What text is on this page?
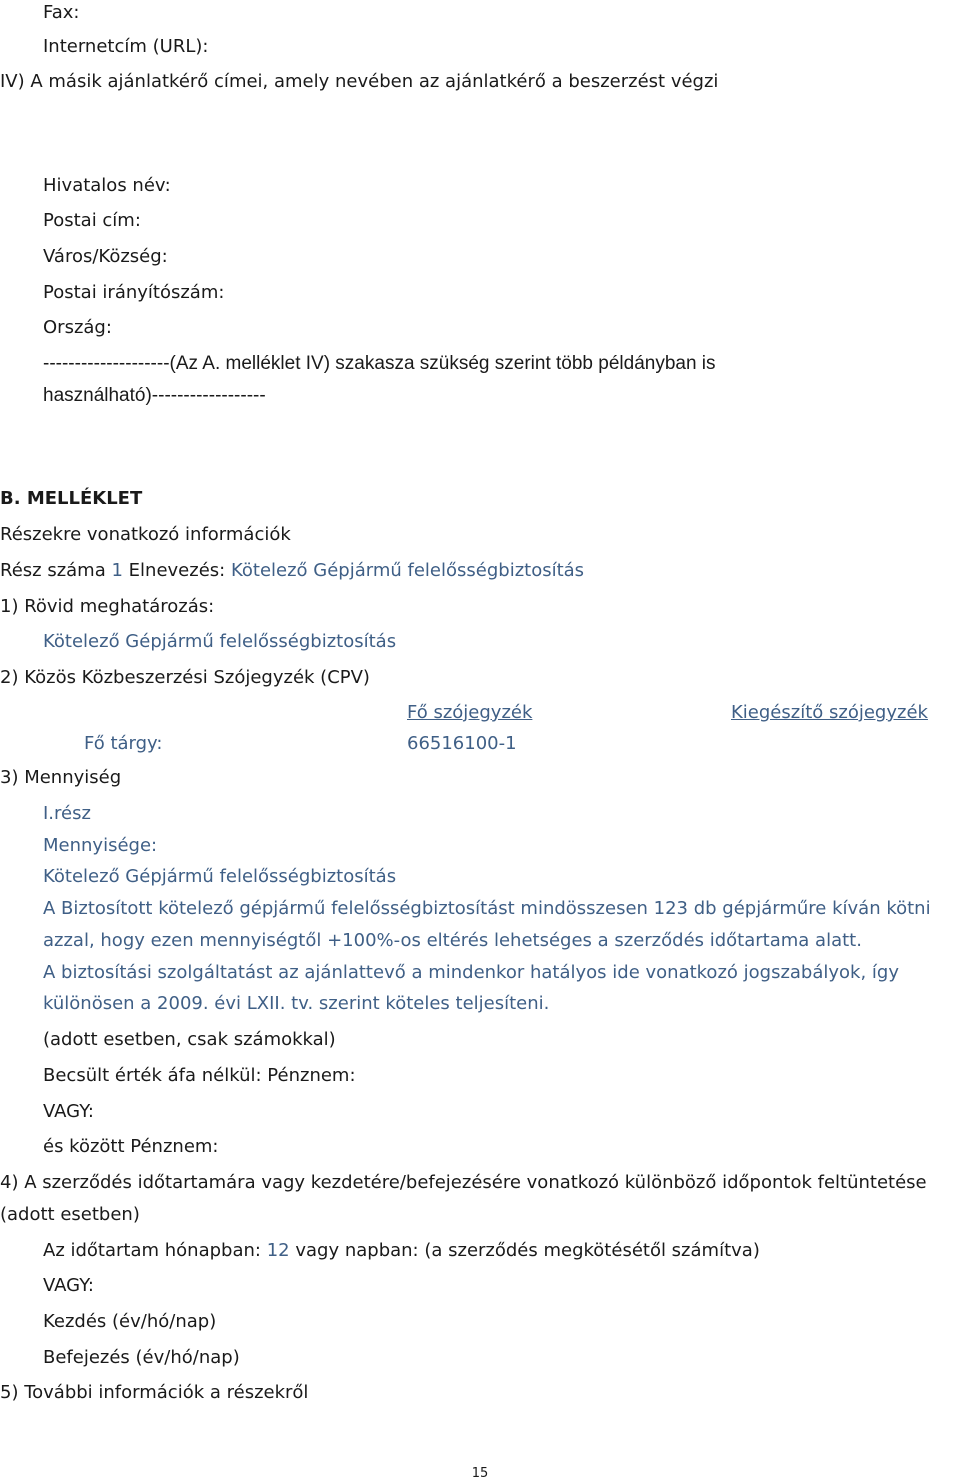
Fax:
Internetcím (URL):
IV) A másik ajánlatkérő címei, amely nevében az ajánlatkérő a beszerzést végzi
Hivatalos név:
Postai cím:
Város/Község:
Postai irányítószám:
Ország:
--------------------(Az A. melléklet IV) szakasza szükség szerint több példányban is
használható)------------------
B. MELLÉKLET
Részekre vonatkozó információk
Rész száma 1 Elnevezés: Kötelező Gépjármű felelősségbiztosítás
1) Rövid meghatározás:
Kötelező Gépjármű felelősségbiztosítás
2) Közös Közbeszerzési Szójegyzék (CPV)
Fő szójegyzék	Kiegészítő szójegyzék
Fő tárgy:	66516100-1
3) Mennyiség
I.rész
Mennyisége:
Kötelező Gépjármű felelősségbiztosítás
A Biztosított kötelező gépjármű felelősségbiztosítást mindösszesen 123 db gépjárműre kíván kötni
azzal, hogy ezen mennyiségtől +100%-os eltérés lehetséges a szerződés időtartama alatt.
A biztosítási szolgáltatást az ajánlattevő a mindenkor hatályos ide vonatkozó jogszabályok, így
különösen a 2009. évi LXII. tv. szerint köteles teljesíteni.
(adott esetben, csak számokkal)
Becsült érték áfa nélkül: Pénznem:
VAGY:
és között Pénznem:
4) A szerződés időtartamára vagy kezdetére/befejezésére vonatkozó különböző időpontok feltüntetése
(adott esetben)
Az időtartam hónapban: 12 vagy napban: (a szerződés megkötésétől számítva)
VAGY:
Kezdés (év/hó/nap)
Befejezés (év/hó/nap)
5) További információk a részekről
15
